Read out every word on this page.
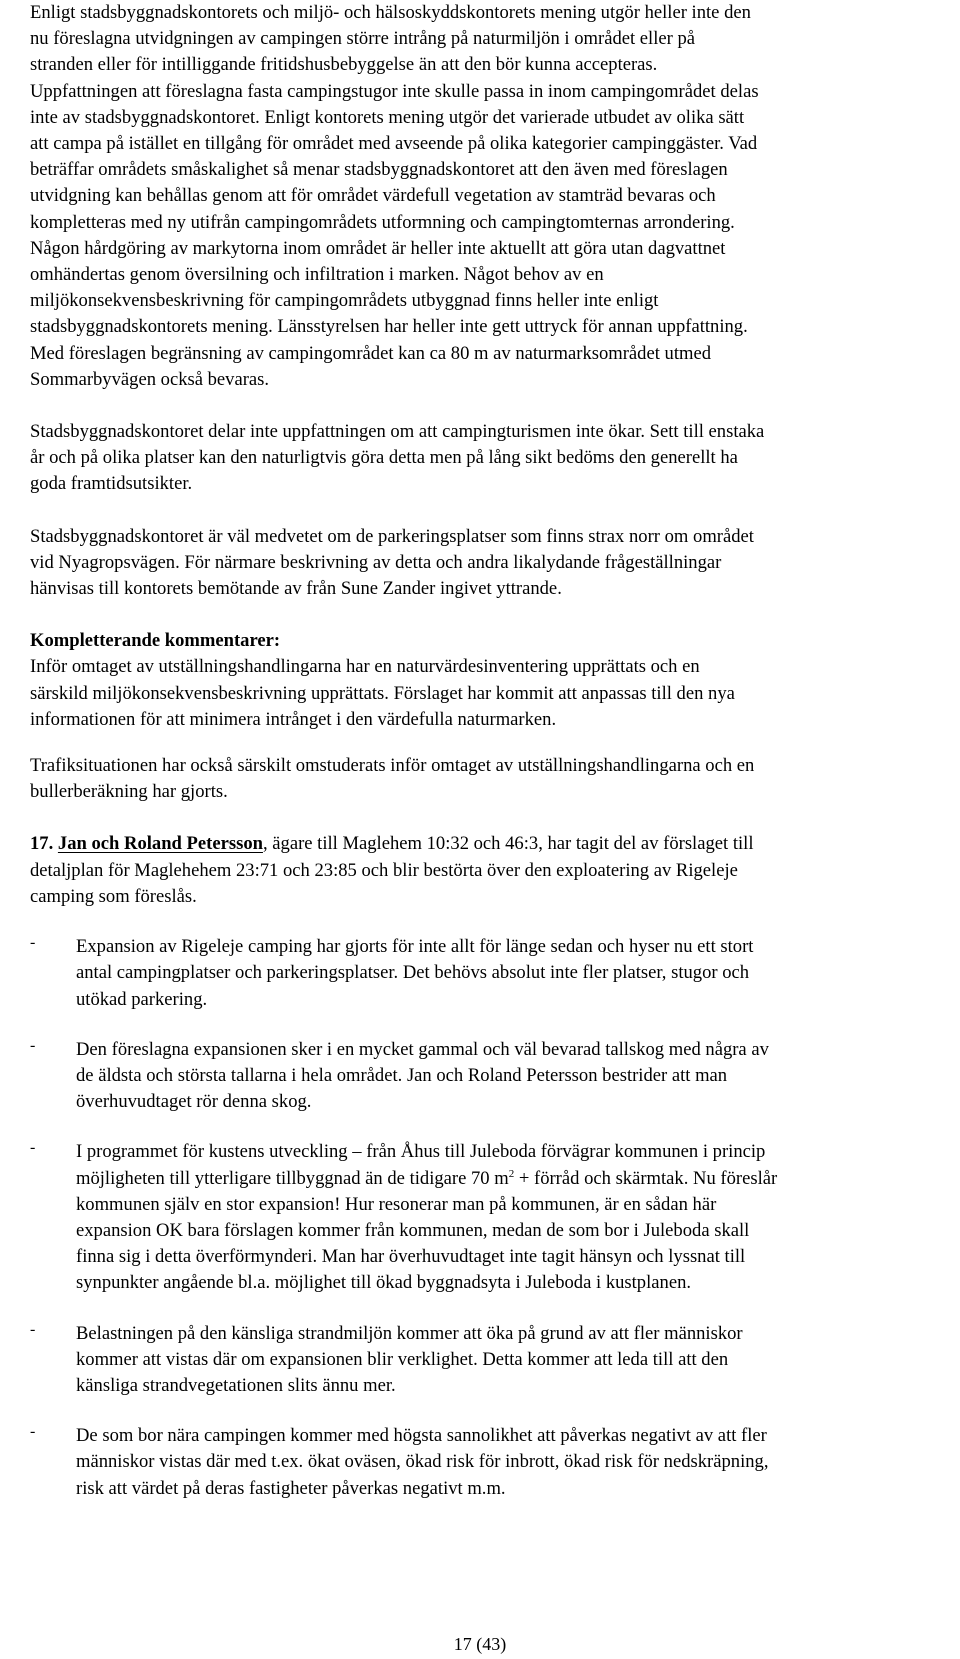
Enligt stadsbyggnadskontorets och miljö- och hälsoskyddskontorets mening utgör heller inte den
nu föreslagna utvidgningen av campingen större intrång på naturmiljön i området eller på
stranden eller för intilliggande fritidshusbebyggelse än att den bör kunna accepteras.
Uppfattningen att föreslagna fasta campingstugor inte skulle passa in inom campingområdet delas
inte av stadsbyggnadskontoret. Enligt kontorets mening utgör det varierade utbudet av olika sätt
att campa på istället en tillgång för området med avseende på olika kategorier campinggäster. Vad
beträffar områdets småskalighet så menar stadsbyggnadskontoret att den även med föreslagen
utvidgning kan behållas genom att för området värdefull vegetation av stamträd bevaras och
kompletteras med ny utifrån campingområdets utformning och campingtomternas arrondering.
Någon hårdgöring av markytorna inom området är heller inte aktuellt att göra utan dagvattnet
omhändertas genom översilning och infiltration i marken. Något behov av en
miljökonsekvensbeskrivning för campingområdets utbyggnad finns heller inte enligt
stadsbyggnadskontorets mening. Länsstyrelsen har heller inte gett uttryck för annan uppfattning.
Med föreslagen begränsning av campingområdet kan ca 80 m av naturmarksområdet utmed
Sommarbyvägen också bevaras.

Stadsbyggnadskontoret delar inte uppfattningen om att campingturismen inte ökar. Sett till enstaka
år och på olika platser kan den naturligtvis göra detta men på lång sikt bedöms den generellt ha
goda framtidsutsikter.

Stadsbyggnadskontoret är väl medvetet om de parkeringsplatser som finns strax norr om området
vid Nyagropsvägen. För närmare beskrivning av detta och andra likalydande frågeställningar
hänvisas till kontorets bemötande av från Sune Zander ingivet yttrande.

Kompletterande kommentarer:

Inför omtaget av utställningshandlingarna har en naturvärdesinventering upprättats och en
särskild miljökonsekvensbeskrivning upprättats. Förslaget har kommit att anpassas till den nya
informationen för att minimera intrånget i den värdefulla naturmarken.

Trafiksituationen har också särskilt omstuderats inför omtaget av utställningshandlingarna och en
bullerberäkning har gjorts.

17. Jan och Roland Petersson, ägare till Maglehem 10:32 och 46:3, har tagit del av förslaget till

detaljplan för Maglehehem 23:71 och 23:85 och blir bestörta över den exploatering av Rigeleje
camping som föreslås.

-	Expansion av Rigeleje camping har gjorts för inte allt för länge sedan och hyser nu ett stort
antal campingplatser och parkeringsplatser. Det behövs absolut inte fler platser, stugor och
utökad parkering.

-	Den föreslagna expansionen sker i en mycket gammal och väl bevarad tallskog med några av
de äldsta och största tallarna i hela området. Jan och Roland Petersson bestrider att man
överhuvudtaget rör denna skog.

-	I programmet för kustens utveckling – från Åhus till Juleboda förvägrar kommunen i princip
möjligheten till ytterligare tillbyggnad än de tidigare 70 $m^2$ + förråd och skärmtak. Nu föreslår
kommunen själv en stor expansion! Hur resonerar man på kommunen, är en sådan här
expansion OK bara förslagen kommer från kommunen, medan de som bor i Juleboda skall
finna sig i detta överförmynderi. Man har överhuvudtaget inte tagit hänsyn och lyssnat till
synpunkter angående bl.a. möjlighet till ökad byggnadsyta i Juleboda i kustplanen.

-	Belastningen på den känsliga strandmiljön kommer att öka på grund av att fler människor
kommer att vistas där om expansionen blir verklighet. Detta kommer att leda till att den
känsliga strandvegetationen slits ännu mer.

-	De som bor nära campingen kommer med högsta sannolikhet att påverkas negativt av att fler
människor vistas där med t.ex. ökat oväsen, ökad risk för inbrott, ökad risk för nedskräpning,
risk att värdet på deras fastigheter påverkas negativt m.m.

17 (43)
